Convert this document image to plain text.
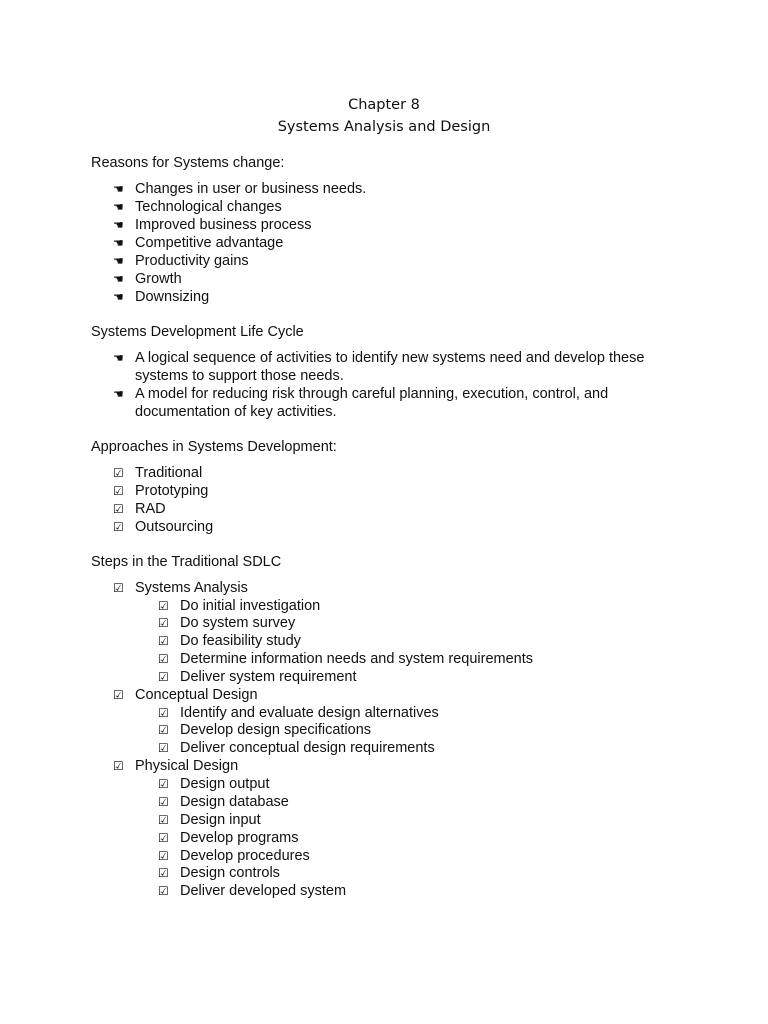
Chapter 8
Systems Analysis and Design
Reasons for Systems change:
☚ Changes in user or business needs.
☚ Technological changes
☚ Improved business process
☚ Competitive advantage
☚ Productivity gains
☚ Growth
☚ Downsizing
Systems Development Life Cycle
☚ A logical sequence of activities to identify new systems need and develop these systems to support those needs.
☚ A model for reducing risk through careful planning, execution, control, and documentation of key activities.
Approaches in Systems Development:
☑ Traditional
☑ Prototyping
☑ RAD
☑ Outsourcing
Steps in the Traditional SDLC
☑ Systems Analysis
☑ Do initial investigation
☑ Do system survey
☑ Do feasibility study
☑ Determine information needs and system requirements
☑ Deliver system requirement
☑ Conceptual Design
☑ Identify and evaluate design alternatives
☑ Develop design specifications
☑ Deliver conceptual design requirements
☑ Physical Design
☑ Design output
☑ Design database
☑ Design input
☑ Develop programs
☑ Develop procedures
☑ Design controls
☑ Deliver developed system
